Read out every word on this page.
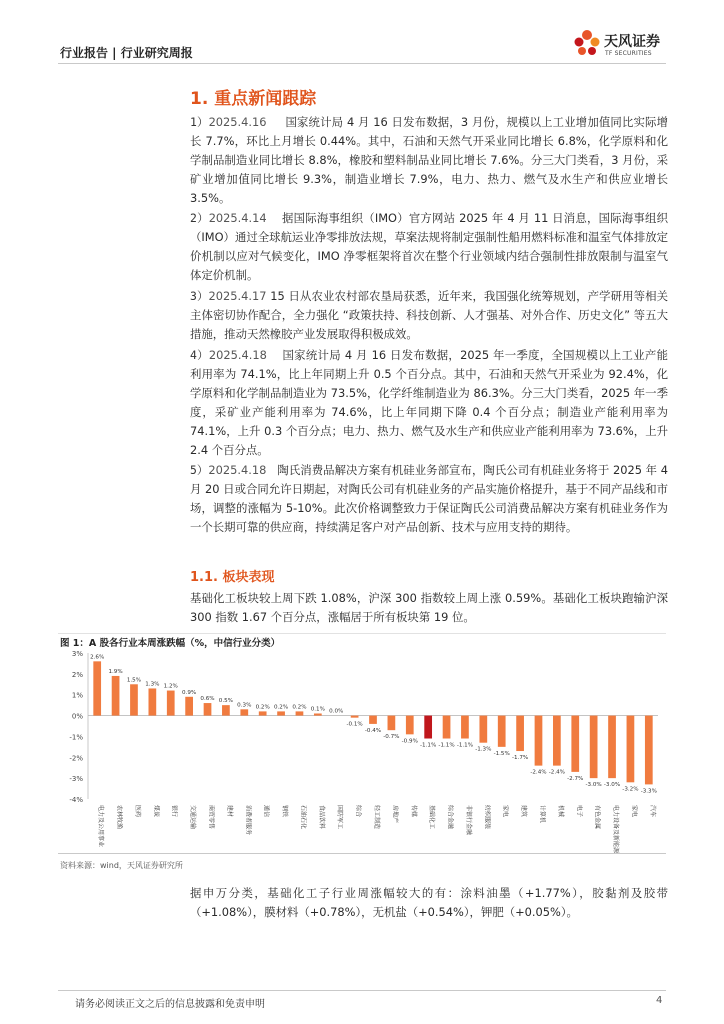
行业报告 | 行业研究周报
天风证券
TF SECURITIES
1. 重点新闻跟踪
1）2025.4.16 国家统计局 4 月 16 日发布数据，3 月份，规模以上工业增加值同比实际增长 7.7%，环比上月增长 0.44%。其中，石油和天然气开采业同比增长 6.8%，化学原料和化学制品制造业同比增长 8.8%，橡胶和塑料制品业同比增长 7.6%。分三大门类看，3 月份，采矿业增加值同比增长 9.3%，制造业增长 7.9%，电力、热力、燃气及水生产和供应业增长 3.5%。
2）2025.4.14 据国际海事组织（IMO）官方网站 2025 年 4 月 11 日消息，国际海事组织（IMO）通过全球航运业净零排放法规，草案法规将制定强制性船用燃料标准和温室气体排放定价机制以应对气候变化，IMO 净零框架将首次在整个行业领域内结合强制性排放限制与温室气体定价机制。
3）2025.4.17 15 日从农业农村部农垦局获悉，近年来，我国强化统筹规划，产学研用等相关主体密切协作配合，全力强化 “政策扶持、科技创新、人才强基、对外合作、历史文化” 等五大措施，推动天然橡胶产业发展取得积极成效。
4）2025.4.18 国家统计局 4 月 16 日发布数据，2025 年一季度，全国规模以上工业产能利用率为 74.1%，比上年同期上升 0.5 个百分点。其中，石油和天然气开采业为 92.4%，化学原料和化学制品制造业为 73.5%，化学纤维制造业为 86.3%。分三大门类看，2025 年一季度，采矿业产能利用率为 74.6%，比上年同期下降 0.4 个百分点；制造业产能利用率为 74.1%，上升 0.3 个百分点；电力、热力、燃气及水生产和供应业产能利用率为 73.6%，上升 2.4 个百分点。
5）2025.4.18 陶氏消费品解决方案有机硅业务部宣布，陶氏公司有机硅业务将于 2025 年 4 月 20 日或合同允许日期起，对陶氏公司有机硅业务的产品实施价格提升，基于不同产品线和市场，调整的涨幅为 5-10%。此次价格调整致力于保证陶氏公司消费品解决方案有机硅业务作为一个长期可靠的供应商，持续满足客户对产品创新、技术与应用支持的期待。
1.1. 板块表现
基础化工板块较上周下跌 1.08%，沪深 300 指数较上周上涨 0.59%。基础化工板块跑输沪深 300 指数 1.67 个百分点，涨幅居于所有板块第 19 位。
图 1：A 股各行业本周涨跌幅（%，中信行业分类）
3%
2%
1%
0%
-1%
-2%
-3%
-4%
2.6%
电力及公用事业
1.9%
农林牧渔
1.5%
医药
1.3%
煤炭
1.2%
银行
0.9%
交通运输
0.6%
商贸零售
0.5%
建材
0.3%
消费者服务
0.2%
通信
0.2%
钢铁
0.2%
石油石化
0.1%
食品饮料
0.0%
国防军工
-0.1%
综合
-0.4%
轻工制造
-0.7%
房地产
-0.9%
传媒
-1.1%
基础化工
-1.1%
综合金融
-1.1%
非银行金融
-1.3%
纺织服装
-1.5%
家电
-1.7%
建筑
-2.4%
计算机
-2.4%
机械
-2.7%
电子
-3.0%
有色金属
-3.0%
电力设备及新能源
-3.2%
家电
-3.3%
汽车
资料来源：wind，天风证券研究所
据申万分类，基础化工子行业周涨幅较大的有：涂料油墨（+1.77%），胶黏剂及胶带（+1.08%），膜材料（+0.78%），无机盐（+0.54%），钾肥（+0.05%）。
请务必阅读正文之后的信息披露和免责申明	4
